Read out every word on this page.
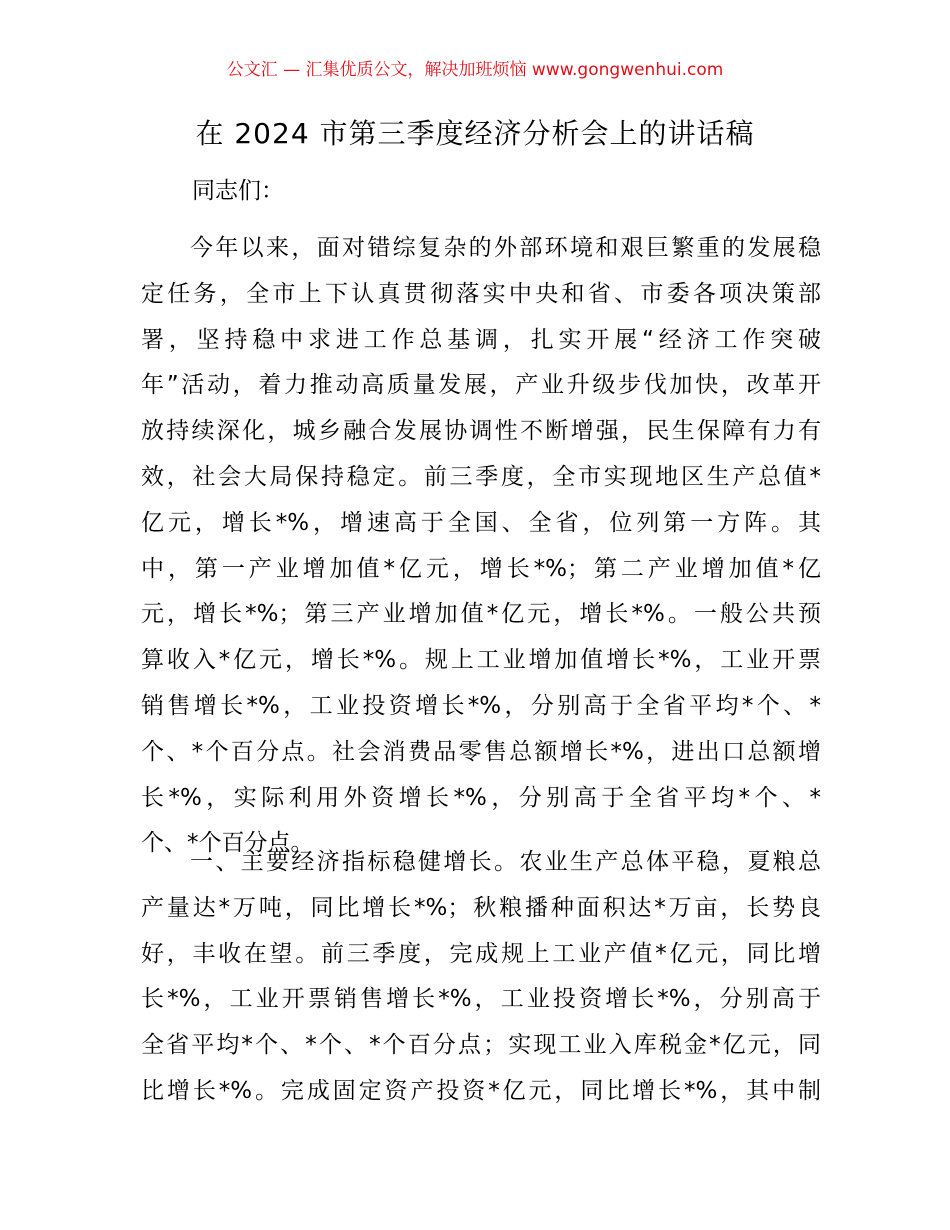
公文汇 — 汇集优质公文，解决加班烦恼 www.gongwenhui.com
在 2024 市第三季度经济分析会上的讲话稿
同志们：
今年以来，面对错综复杂的外部环境和艰巨繁重的发展稳
定任务，全市上下认真贯彻落实中央和省、市委各项决策部
署，坚持稳中求进工作总基调，扎实开展“经济工作突破
年”活动，着力推动高质量发展，产业升级步伐加快，改革开
放持续深化，城乡融合发展协调性不断增强，民生保障有力有
效，社会大局保持稳定。前三季度，全市实现地区生产总值*
亿元，增长*%，增速高于全国、全省，位列第一方阵。其
中，第一产业增加值*亿元，增长*%；第二产业增加值*亿
元，增长*%；第三产业增加值*亿元，增长*%。一般公共预
算收入*亿元，增长*%。规上工业增加值增长*%，工业开票
销售增长*%，工业投资增长*%，分别高于全省平均*个、*
个、*个百分点。社会消费品零售总额增长*%，进出口总额增
长*%，实际利用外资增长*%，分别高于全省平均*个、*
个、*个百分点。
一、主要经济指标稳健增长。农业生产总体平稳，夏粮总
产量达*万吨，同比增长*%；秋粮播种面积达*万亩，长势良
好，丰收在望。前三季度，完成规上工业产值*亿元，同比增
长*%，工业开票销售增长*%，工业投资增长*%，分别高于
全省平均*个、*个、*个百分点；实现工业入库税金*亿元，同
比增长*%。完成固定资产投资*亿元，同比增长*%，其中制
